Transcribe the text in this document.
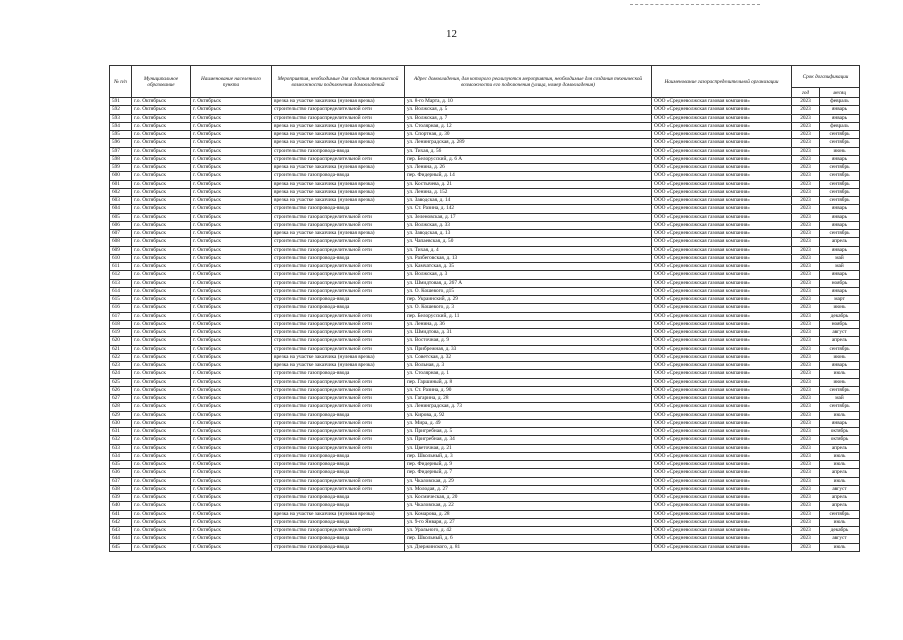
12
№ п/п	Муниципальное образование	Наименование населенного пункта	Мероприятия, необходимые для создания технической возможности подключения домовладений	Адрес домовладения, для которого реализуются мероприятия, необходимые для создания технической возможности его подключения (улица, номер домовладения)	Наименование газораспределительной организации	Срок догазификации	
						год	месяц
591	г.о. Октябрьск	г. Октябрьск	врезка на участке заказчика (нулевая врезка)	ул. 8-го Марта, д. 10	ООО «Средневолжская газовая компания»	2023	февраль
592	г.о. Октябрьск	г. Октябрьск	строительство газораспределительной сети	ул. Волжская, д. 5	ООО «Средневолжская газовая компания»	2023	январь
593	г.о. Октябрьск	г. Октябрьск	строительство газораспределительной сети	ул. Волжская, д. 7	ООО «Средневолжская газовая компания»	2023	январь
594	г.о. Октябрьск	г. Октябрьск	врезка на участке заказчика (нулевая врезка)	ул. Столярная, д. 12	ООО «Средневолжская газовая компания»	2023	февраль
595	г.о. Октябрьск	г. Октябрьск	врезка на участке заказчика (нулевая врезка)	ул. Спортная, д. 30	ООО «Средневолжская газовая компания»	2023	сентябрь
596	г.о. Октябрьск	г. Октябрьск	врезка на участке заказчика (нулевая врезка)	ул. Ленинградская, д. 289	ООО «Средневолжская газовая компания»	2023	сентябрь
597	г.о. Октябрьск	г. Октябрьск	строительство газопровода-ввода	ул. Тихая, д. 56	ООО «Средневолжская газовая компания»	2023	июнь
598	г.о. Октябрьск	г. Октябрьск	строительство газораспределительной сети	пер. Белорусский, д. 6 А	ООО «Средневолжская газовая компания»	2023	январь
599	г.о. Октябрьск	г. Октябрьск	врезка на участке заказчика (нулевая врезка)	ул. Ленина, д. 26	ООО «Средневолжская газовая компания»	2023	сентябрь
600	г.о. Октябрьск	г. Октябрьск	строительство газопровода-ввода	пер. Фидерный, д. 14	ООО «Средневолжская газовая компания»	2023	сентябрь
601	г.о. Октябрьск	г. Октябрьск	врезка на участке заказчика (нулевая врезка)	ул. Костычева, д. 21	ООО «Средневолжская газовая компания»	2023	сентябрь
602	г.о. Октябрьск	г. Октябрьск	врезка на участке заказчика (нулевая врезка)	ул. Ленина, д. 152	ООО «Средневолжская газовая компания»	2023	сентябрь
603	г.о. Октябрьск	г. Октябрьск	врезка на участке заказчика (нулевая врезка)	ул. Заводская, д. 14	ООО «Средневолжская газовая компания»	2023	сентябрь
604	г.о. Октябрьск	г. Октябрьск	строительство газопровода-ввода	ул. Ст. Разина, д. 142	ООО «Средневолжская газовая компания»	2023	январь
605	г.о. Октябрьск	г. Октябрьск	строительство газораспределительной сети	ул. Зеленовская, д. 17	ООО «Средневолжская газовая компания»	2023	январь
606	г.о. Октябрьск	г. Октябрьск	строительство газораспределительной сети	ул. Волжская, д. 33	ООО «Средневолжская газовая компания»	2023	январь
607	г.о. Октябрьск	г. Октябрьск	врезка на участке заказчика (нулевая врезка)	ул. Заводская, д. 13	ООО «Средневолжская газовая компания»	2023	сентябрь
608	г.о. Октябрьск	г. Октябрьск	строительство газораспределительной сети	ул. Чапаевская, д. 50	ООО «Средневолжская газовая компания»	2023	апрель
609	г.о. Октябрьск	г. Октябрьск	строительство газораспределительной сети	ул. Тихая, д. 4	ООО «Средневолжская газовая компания»	2023	январь
610	г.о. Октябрьск	г. Октябрьск	строительство газопровода-ввода	ул. Разбеговская, д. 13	ООО «Средневолжская газовая компания»	2023	май
611	г.о. Октябрьск	г. Октябрьск	строительство газораспределительной сети	ул. Камчатская, д. 35	ООО «Средневолжская газовая компания»	2023	май
612	г.о. Октябрьск	г. Октябрьск	строительство газораспределительной сети	ул. Волжская, д. 3	ООО «Средневолжская газовая компания»	2023	январь
613	г.о. Октябрьск	г. Октябрьск	строительство газораспределительной сети	ул. Шмидтовая, д. 267 А	ООО «Средневолжская газовая компания»	2023	ноябрь
614	г.о. Октябрьск	г. Октябрьск	строительство газораспределительной сети	ул. О. Кошевого, д15	ООО «Средневолжская газовая компания»	2023	январь
615	г.о. Октябрьск	г. Октябрьск	строительство газопровода-ввода	пер. Украинский, д. 29	ООО «Средневолжская газовая компания»	2023	март
616	г.о. Октябрьск	г. Октябрьск	строительство газопровода-ввода	ул. О. Кошевого, д. 3	ООО «Средневолжская газовая компания»	2023	июнь
617	г.о. Октябрьск	г. Октябрьск	строительство газораспределительной сети	пер. Белорусский, д. 11	ООО «Средневолжская газовая компания»	2023	декабрь
618	г.о. Октябрьск	г. Октябрьск	строительство газораспределительной сети	ул. Ленина, д. 36	ООО «Средневолжская газовая компания»	2023	ноябрь
619	г.о. Октябрьск	г. Октябрьск	строительство газораспределительной сети	ул. Шмидтова, д. 31	ООО «Средневолжская газовая компания»	2023	август
620	г.о. Октябрьск	г. Октябрьск	строительство газораспределительной сети	ул. Восточная, д. 9	ООО «Средневолжская газовая компания»	2023	апрель
621	г.о. Октябрьск	г. Октябрьск	строительство газораспределительной сети	ул. Прибрежная, д. 33	ООО «Средневолжская газовая компания»	2023	сентябрь
622	г.о. Октябрьск	г. Октябрьск	врезка на участке заказчика (нулевая врезка)	ул. Советская, д. 32	ООО «Средневолжская газовая компания»	2023	июнь
623	г.о. Октябрьск	г. Октябрьск	врезка на участке заказчика (нулевая врезка)	ул. Вольная, д. 3	ООО «Средневолжская газовая компания»	2023	январь
624	г.о. Октябрьск	г. Октябрьск	строительство газопровода-ввода	ул. Столярная, д. 1	ООО «Средневолжская газовая компания»	2023	июль
625	г.о. Октябрьск	г. Октябрьск	строительство газораспределительной сети	пер. Гаршиный, д. 8	ООО «Средневолжская газовая компания»	2023	июнь
626	г.о. Октябрьск	г. Октябрьск	строительство газораспределительной сети	ул. Ст. Разина, д. 90	ООО «Средневолжская газовая компания»	2023	сентябрь
627	г.о. Октябрьск	г. Октябрьск	строительство газораспределительной сети	ул. Гагарина, д. 28	ООО «Средневолжская газовая компания»	2023	май
628	г.о. Октябрьск	г. Октябрьск	строительство газораспределительной сети	ул. Ленинградская, д. 73	ООО «Средневолжская газовая компания»	2023	сентябрь
629	г.о. Октябрьск	г. Октябрьск	строительство газопровода-ввода	ул. Кирова, д. 92	ООО «Средневолжская газовая компания»	2023	июль
630	г.о. Октябрьск	г. Октябрьск	строительство газораспределительной сети	ул. Мира, д. 49	ООО «Средневолжская газовая компания»	2023	январь
631	г.о. Октябрьск	г. Октябрьск	строительство газораспределительной сети	ул. Пригребная, д. 5	ООО «Средневолжская газовая компания»	2023	октябрь
632	г.о. Октябрьск	г. Октябрьск	строительство газораспределительной сети	ул. Пригребная, д. 34	ООО «Средневолжская газовая компания»	2023	октябрь
633	г.о. Октябрьск	г. Октябрьск	строительство газораспределительной сети	ул. Цветочная, д. 21	ООО «Средневолжская газовая компания»	2023	апрель
634	г.о. Октябрьск	г. Октябрьск	строительство газопровода-ввода	пер. Школьный, д. 3	ООО «Средневолжская газовая компания»	2023	июль
635	г.о. Октябрьск	г. Октябрьск	строительство газопровода-ввода	пер. Фидерный, д. 9	ООО «Средневолжская газовая компания»	2023	июль
636	г.о. Октябрьск	г. Октябрьск	строительство газопровода-ввода	пер. Фидерный, д. 7	ООО «Средневолжская газовая компания»	2023	апрель
637	г.о. Октябрьск	г. Октябрьск	строительство газораспределительной сети	ул. Чкаловская, д. 29	ООО «Средневолжская газовая компания»	2023	июль
638	г.о. Октябрьск	г. Октябрьск	строительство газораспределительной сети	ул. Молодая, д. 27	ООО «Средневолжская газовая компания»	2023	август
639	г.о. Октябрьск	г. Октябрьск	строительство газопровода-ввода	ул. Космическая, д. 20	ООО «Средневолжская газовая компания»	2023	апрель
640	г.о. Октябрьск	г. Октябрьск	строительство газопровода-ввода	ул. Чкаловская, д. 22	ООО «Средневолжская газовая компания»	2023	апрель
641	г.о. Октябрьск	г. Октябрьск	врезка на участке заказчика (нулевая врезка)	ул. Комарова, д. 28	ООО «Средневолжская газовая компания»	2023	сентябрь
642	г.о. Октябрьск	г. Октябрьск	строительство газопровода-ввода	ул. 9-го Января, д. 27	ООО «Средневолжская газовая компания»	2023	июль
643	г.о. Октябрьск	г. Октябрьск	строительство газораспределительной сети	ул. Урального, д. 42	ООО «Средневолжская газовая компания»	2023	декабрь
644	г.о. Октябрьск	г. Октябрьск	строительство газопровода-ввода	пер. Школьный, д. 6	ООО «Средневолжская газовая компания»	2023	август
645	г.о. Октябрьск	г. Октябрьск	строительство газопровода-ввода	ул. Дзержинского, д. 81	ООО «Средневолжская газовая компания»	2023	июль
